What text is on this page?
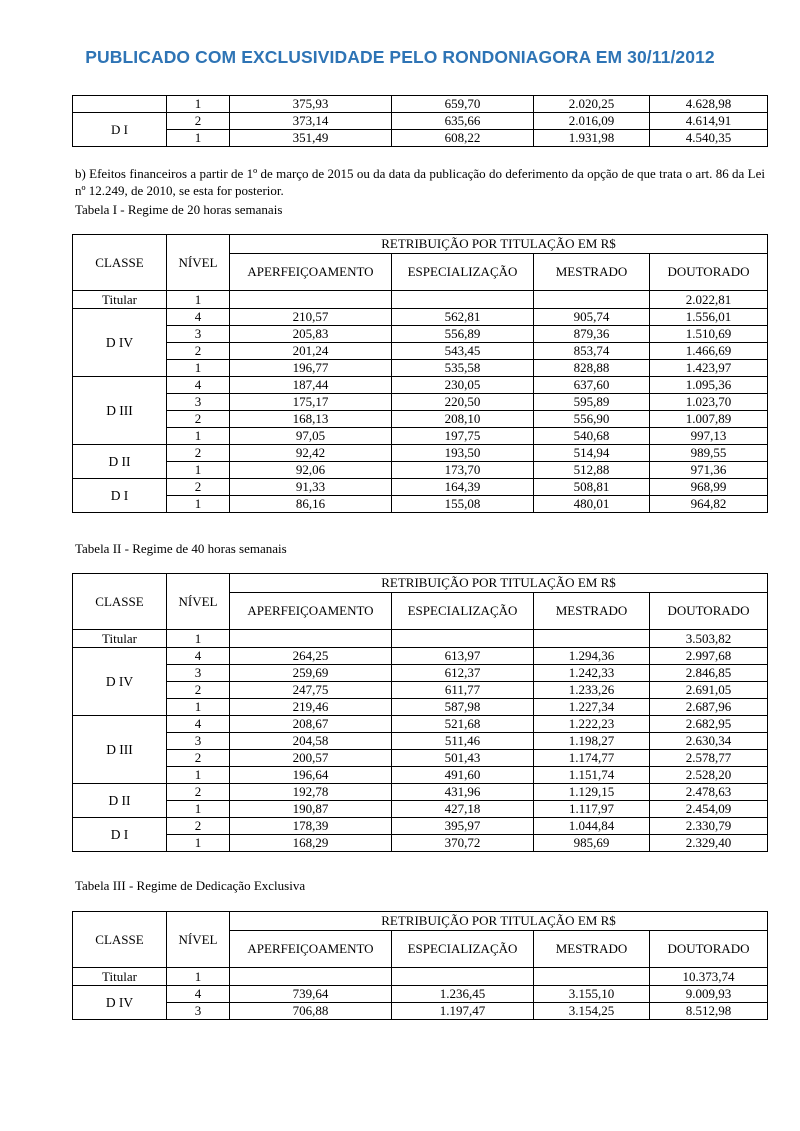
PUBLICADO COM EXCLUSIVIDADE PELO RONDONIAGORA EM 30/11/2012
	1	375,93	659,70	2.020,25	4.628,98
D I	2	373,14	635,66	2.016,09	4.614,91
	1	351,49	608,22	1.931,98	4.540,35
b) Efeitos financeiros a partir de 1º de março de 2015 ou da data da publicação do deferimento da opção de que trata o art. 86 da Lei nº 12.249, de 2010, se esta for posterior.
Tabela I - Regime de 20 horas semanais
CLASSE	NÍVEL	RETRIBUIÇÃO POR TITULAÇÃO EM R$			
		APERFEIÇOAMENTO	ESPECIALIZAÇÃO	MESTRADO	DOUTORADO
Titular	1				2.022,81
D IV	4	210,57	562,81	905,74	1.556,01
	3	205,83	556,89	879,36	1.510,69
	2	201,24	543,45	853,74	1.466,69
	1	196,77	535,58	828,88	1.423,97
D III	4	187,44	230,05	637,60	1.095,36
	3	175,17	220,50	595,89	1.023,70
	2	168,13	208,10	556,90	1.007,89
	1	97,05	197,75	540,68	997,13
D II	2	92,42	193,50	514,94	989,55
	1	92,06	173,70	512,88	971,36
D I	2	91,33	164,39	508,81	968,99
	1	86,16	155,08	480,01	964,82
Tabela II - Regime de 40 horas semanais
CLASSE	NÍVEL	RETRIBUIÇÃO POR TITULAÇÃO EM R$			
		APERFEIÇOAMENTO	ESPECIALIZAÇÃO	MESTRADO	DOUTORADO
Titular	1				3.503,82
D IV	4	264,25	613,97	1.294,36	2.997,68
	3	259,69	612,37	1.242,33	2.846,85
	2	247,75	611,77	1.233,26	2.691,05
	1	219,46	587,98	1.227,34	2.687,96
D III	4	208,67	521,68	1.222,23	2.682,95
	3	204,58	511,46	1.198,27	2.630,34
	2	200,57	501,43	1.174,77	2.578,77
	1	196,64	491,60	1.151,74	2.528,20
D II	2	192,78	431,96	1.129,15	2.478,63
	1	190,87	427,18	1.117,97	2.454,09
D I	2	178,39	395,97	1.044,84	2.330,79
	1	168,29	370,72	985,69	2.329,40
Tabela III - Regime de Dedicação Exclusiva
CLASSE	NÍVEL	RETRIBUIÇÃO POR TITULAÇÃO EM R$			
		APERFEIÇOAMENTO	ESPECIALIZAÇÃO	MESTRADO	DOUTORADO
Titular	1				10.373,74
D IV	4	739,64	1.236,45	3.155,10	9.009,93
	3	706,88	1.197,47	3.154,25	8.512,98
